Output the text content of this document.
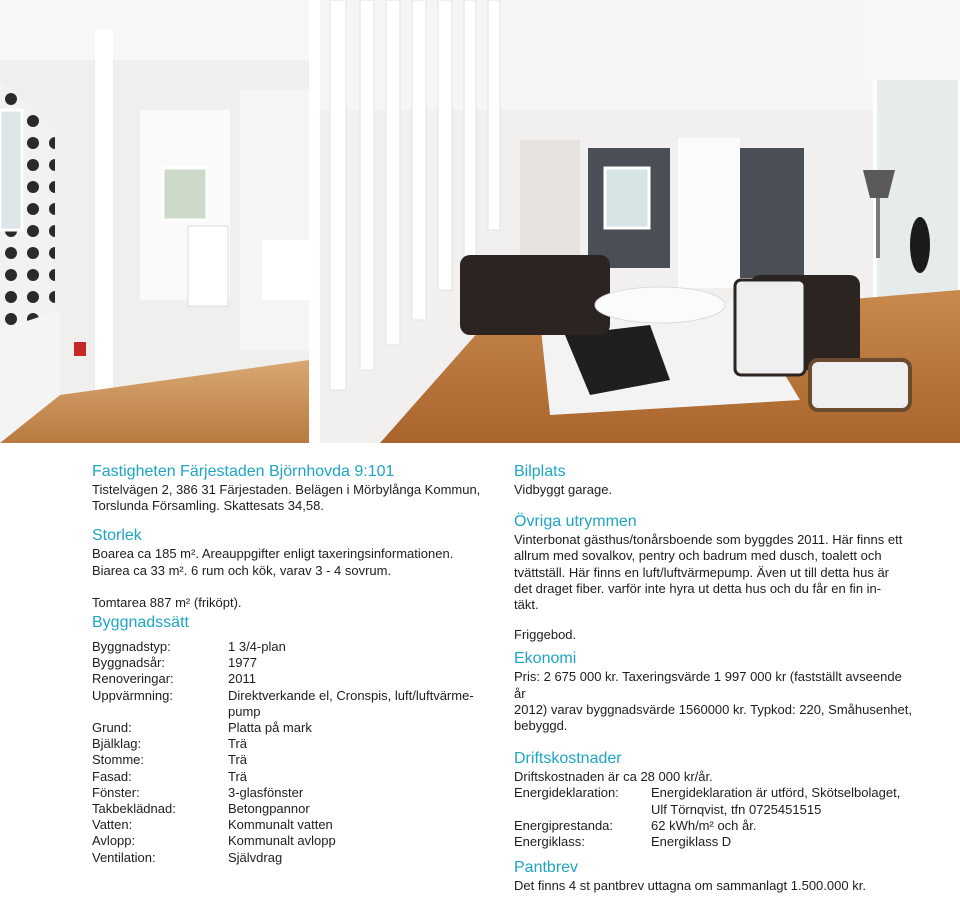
Fastigheten Färjestaden Björnhovda 9:101

Tistelvägen 2, 386 31 Färjestaden. Belägen i Mörbylånga Kommun,

Torslunda Församling. Skattesats 34,58.

Storlek

Boarea ca 185 m². Areauppgifter enligt taxeringsinformationen.

Biarea ca 33 m². 6 rum och kök, varav 3 - 4 sovrum.

Tomtarea 887 m² (friköpt).

Byggnadssätt
Byggnadstyp:	1 3/4-plan
Byggnadsår:	1977
Renoveringar:	2011
Uppvärmning:	Direktverkande el, Cronspis, luft/luftvärme-
pump
Grund:	Platta på mark
Bjälklag:	Trä
Stomme:	Trä
Fasad:	Trä
Fönster:	3-glasfönster
Takbeklädnad:	Betongpannor
Vatten:	Kommunalt vatten
Avlopp:	Kommunalt avlopp
Ventilation:	Självdrag
Bilplats

Vidbyggt garage.

Övriga utrymmen

Vinterbonat gästhus/tonårsboende som byggdes 2011. Här finns ett

allrum med sovalkov, pentry och badrum med dusch, toalett och

tvättställ. Här finns en luft/luftvärmepump. Även ut till detta hus är

det draget fiber. varför inte hyra ut detta hus och du får en fin in-

täkt.

Friggebod.

Ekonomi

Pris: 2 675 000 kr. Taxeringsvärde 1 997 000 kr (fastställt avseende år

2012) varav byggnadsvärde 1560000 kr. Typkod: 220, Småhusenhet,

bebyggd.

Driftskostnader

Driftskostnaden är ca 28 000 kr/år.

Energideklaration:	Energideklaration är utförd, Skötselbolaget,
Ulf Törnqvist, tfn 0725451515
Energiprestanda:	62 kWh/m² och år.
Energiklass:	Energiklass D
Pantbrev

Det finns 4 st pantbrev uttagna om sammanlagt 1.500.000 kr.
